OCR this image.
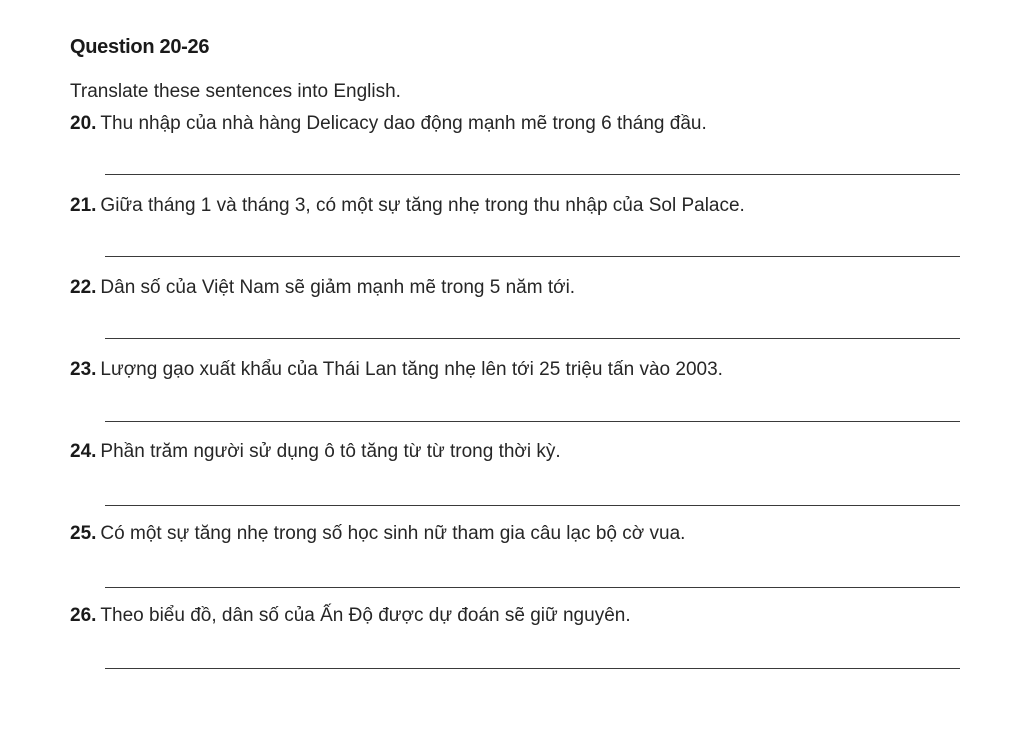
Question 20-26

Translate these sentences into English.

20. Thu nhập của nhà hàng Delicacy dao động mạnh mẽ trong 6 tháng đầu.
21. Giữa tháng 1 và tháng 3, có một sự tăng nhẹ trong thu nhập của Sol Palace.
22. Dân số của Việt Nam sẽ giảm mạnh mẽ trong 5 năm tới.
23. Lượng gạo xuất khẩu của Thái Lan tăng nhẹ lên tới 25 triệu tấn vào 2003.
24. Phần trăm người sử dụng ô tô tăng từ từ trong thời kỳ.
25. Có một sự tăng nhẹ trong số học sinh nữ tham gia câu lạc bộ cờ vua.
26. Theo biểu đồ, dân số của Ấn Độ được dự đoán sẽ giữ nguyên.
